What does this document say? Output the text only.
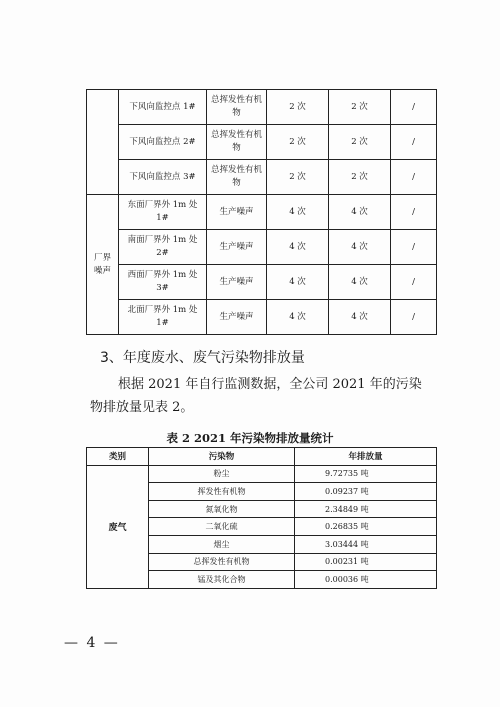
	下风向监控点 1#	总挥发性有机物	2 次	2 次	/
	下风向监控点 2#	总挥发性有机物	2 次	2 次	/
	下风向监控点 3#	总挥发性有机物	2 次	2 次	/
厂界噪声	东面厂界外 1m 处 1#	生产噪声	4 次	4 次	/
	南面厂界外 1m 处 2#	生产噪声	4 次	4 次	/
	西面厂界外 1m 处 3#	生产噪声	4 次	4 次	/
	北面厂界外 1m 处 1#	生产噪声	4 次	4 次	/
3、年度废水、废气污染物排放量
根据 2021 年自行监测数据，全公司 2021 年的污染物排放量见表 2。
表 2 2021 年污染物排放量统计
类别	污染物	年排放量
废气	粉尘	9.72735 吨
	挥发性有机物	0.09237 吨
	氮氧化物	2.34849 吨
	二氧化硫	0.26835 吨
	烟尘	3.03444 吨
	总挥发性有机物	0.00231 吨
	锰及其化合物	0.00036 吨
— 4 —
